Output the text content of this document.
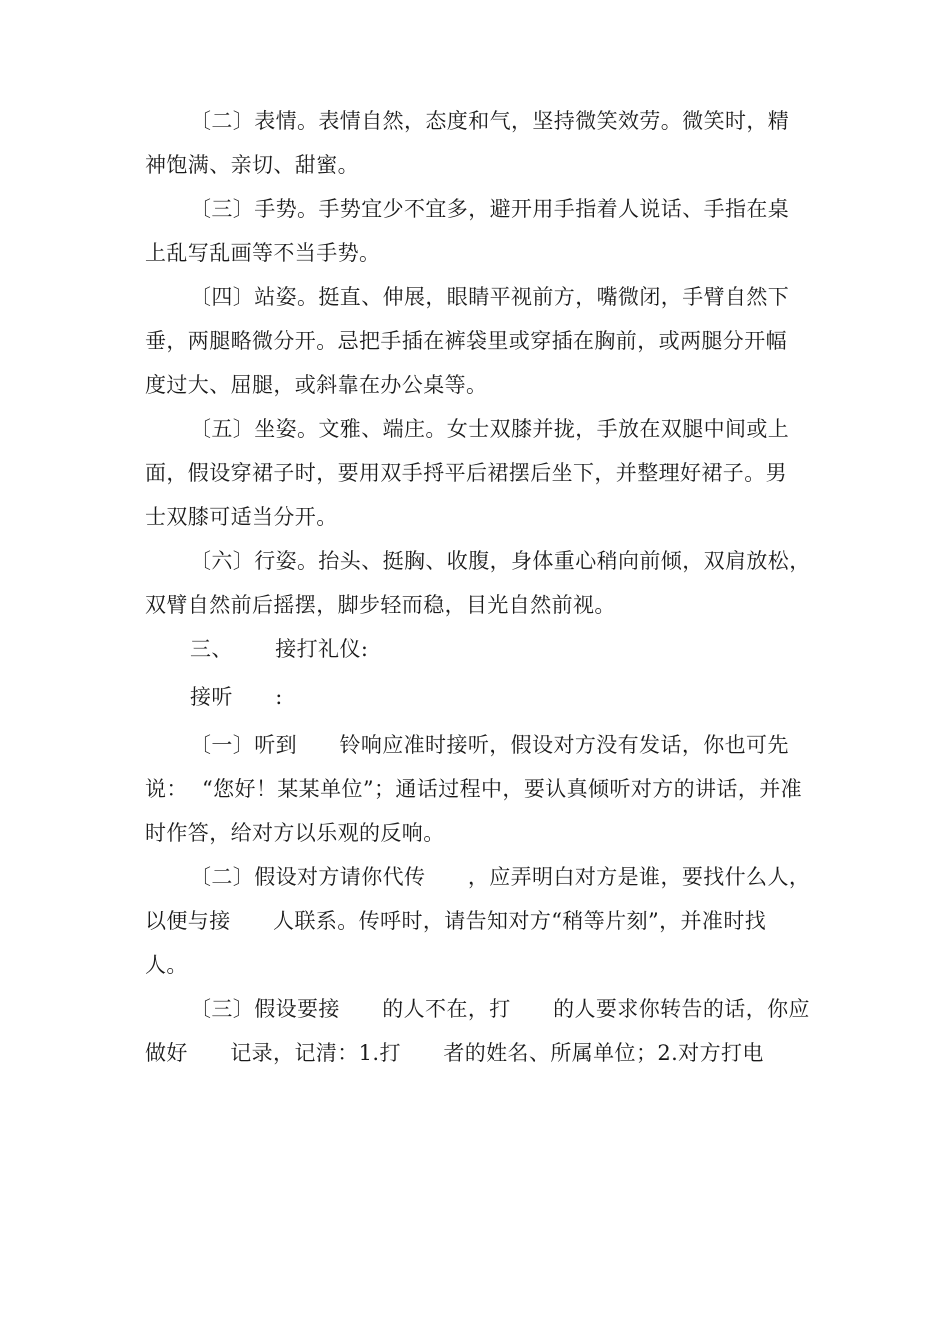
〔二〕表情。表情自然，态度和气，坚持微笑效劳。微笑时，精
神饱满、亲切、甜蜜。
〔三〕手势。手势宜少不宜多，避开用手指着人说话、手指在桌
上乱写乱画等不当手势。
〔四〕站姿。挺直、伸展，眼睛平视前方，嘴微闭，手臂自然下
垂，两腿略微分开。忌把手插在裤袋里或穿插在胸前，或两腿分开幅
度过大、屈腿，或斜靠在办公桌等。
〔五〕坐姿。文雅、端庄。女士双膝并拢，手放在双腿中间或上
面，假设穿裙子时，要用双手捋平后裙摆后坐下，并整理好裙子。男
士双膝可适当分开。
〔六〕行姿。抬头、挺胸、收腹，身体重心稍向前倾，双肩放松，
双臂自然前后摇摆，脚步轻而稳，目光自然前视。
三、      接打礼仪:
接听      :
〔一〕听到      铃响应准时接听，假设对方没有发话，你也可先
说：  “您好！某某单位”；通话过程中，要认真倾听对方的讲话，并准
时作答，给对方以乐观的反响。
〔二〕假设对方请你代传      ，应弄明白对方是谁，要找什么人，
以便与接      人联系。传呼时，请告知对方“稍等片刻”，并准时找
人。
〔三〕假设要接      的人不在，打      的人要求你转告的话，你应
做好      记录，记清：1.打      者的姓名、所属单位；2.对方打电
